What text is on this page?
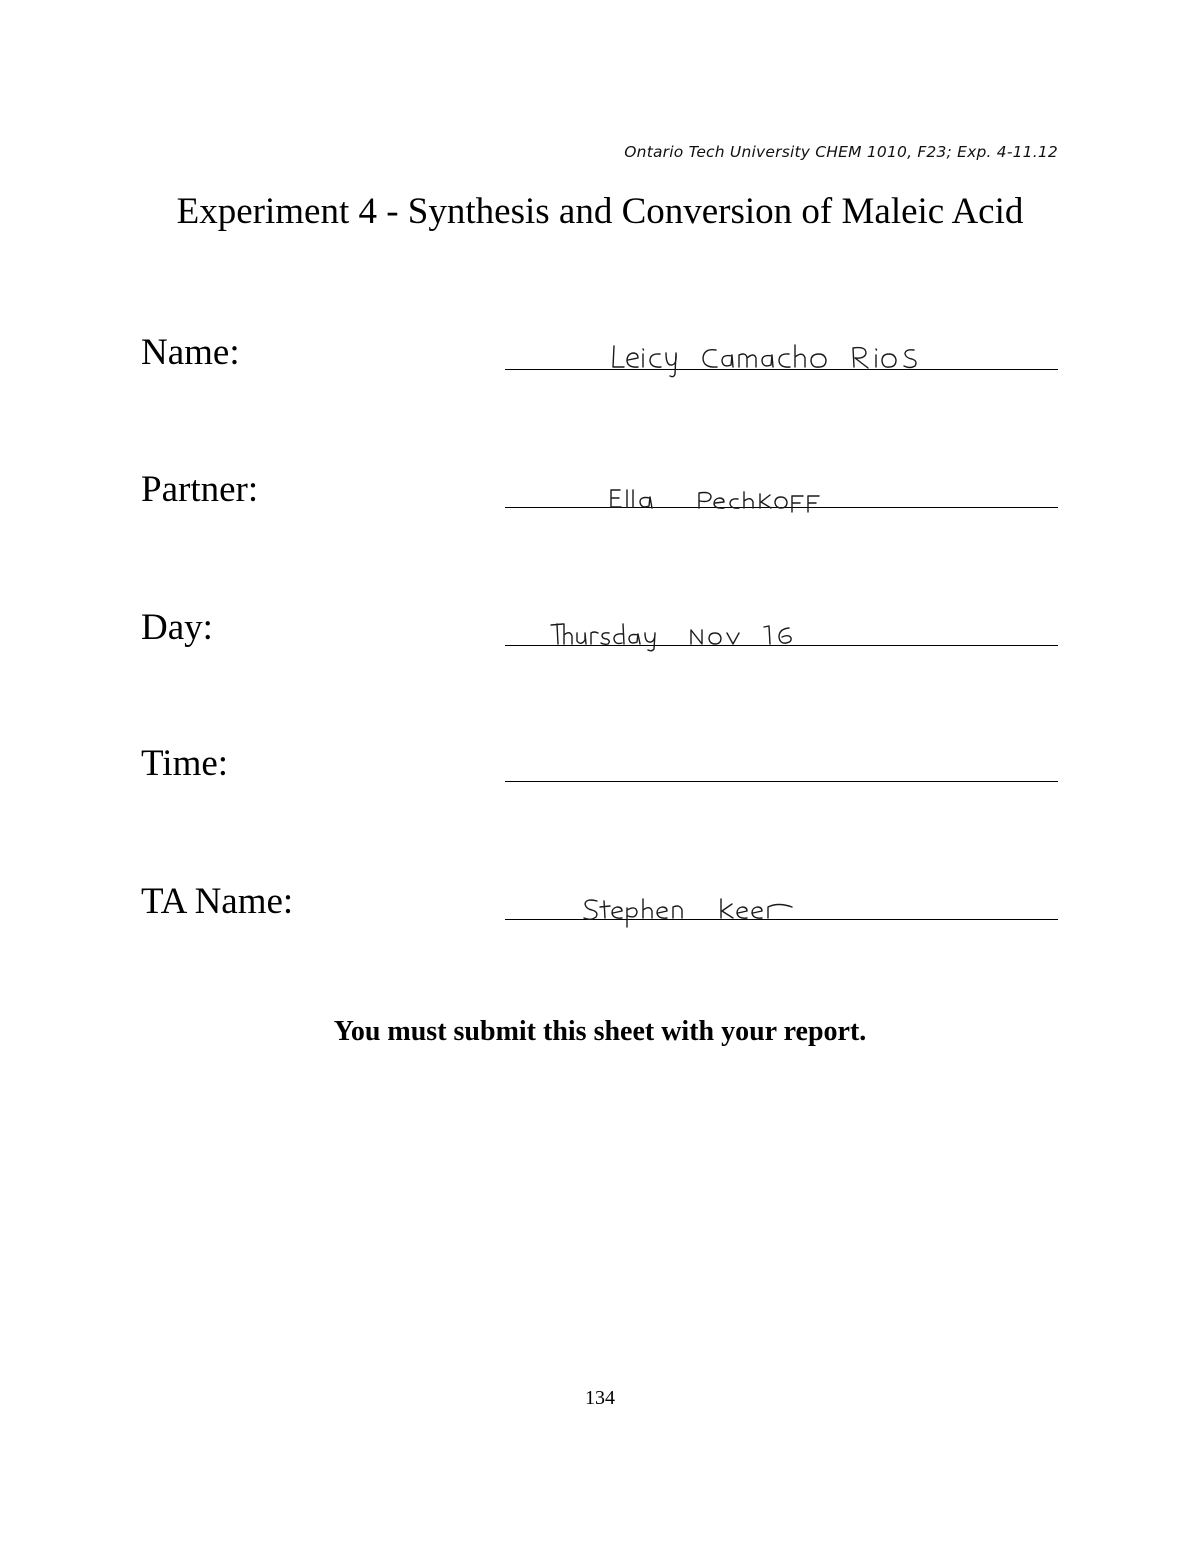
Ontario Tech University CHEM 1010, F23; Exp. 4-11.12
Experiment 4 - Synthesis and Conversion of Maleic Acid
Name:
Partner:
Day:
Time:
TA Name:
You must submit this sheet with your report.
134
